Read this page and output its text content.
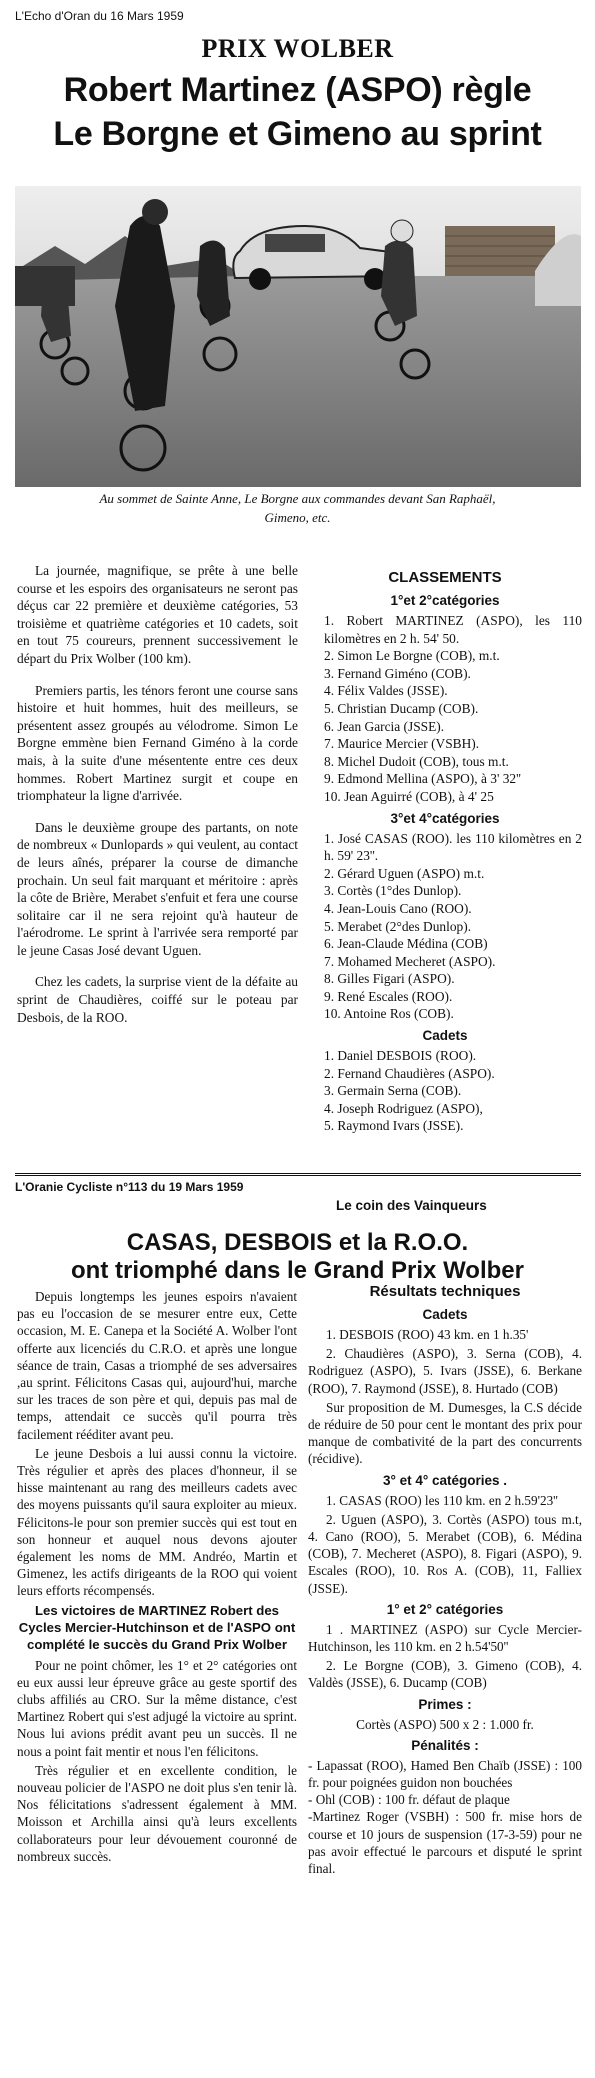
L'Echo d'Oran du 16 Mars 1959
PRIX WOLBER
Robert Martinez (ASPO) règle
Le Borgne et Gimeno au sprint
Au sommet de Sainte Anne, Le Borgne aux commandes devant San Raphaël,
Gimeno, etc.

La journée, magnifique, se prête à une belle course et les espoirs des organisateurs ne seront pas déçus car 22 première et deuxième catégories, 53 troisième et quatrième catégories et 10 cadets, soit en tout 75 coureurs, prennent successivement le départ du Prix Wolber (100 km).

Premiers partis, les ténors feront une course sans histoire et huit hommes, huit des meilleurs, se présentent assez groupés au vélodrome. Simon Le Borgne emmène bien Fernand Giméno à la corde mais, à la suite d'une mésentente entre ces deux hommes. Robert Martinez surgit et coupe en triomphateur la ligne d'arrivée.

Dans le deuxième groupe des partants, on note de nombreux « Dunlopards » qui veulent, au contact de leurs aînés, préparer la course de dimanche prochain. Un seul fait marquant et méritoire : après la côte de Brière, Merabet s'enfuit et fera une course solitaire car il ne sera rejoint qu'à hauteur de l'aérodrome. Le sprint à l'arrivée sera remporté par le jeune Casas José devant Uguen.

Chez les cadets, la surprise vient de la défaite au sprint de Chaudières, coiffé sur le poteau par Desbois, de la ROO.

CLASSEMENTS
1°et 2°catégories
1. Robert MARTINEZ (ASPO), les 110 kilomètres en 2 h. 54' 50.
2. Simon Le Borgne (COB), m.t.
3. Fernand Giméno (COB).
4. Félix Valdes (JSSE).
5. Christian Ducamp (COB).
6. Jean Garcia (JSSE).
7. Maurice Mercier (VSBH).
8. Michel Dudoit (COB), tous m.t.
9. Edmond Mellina (ASPO), à 3' 32''
10. Jean Aguirré (COB), à 4' 25
3°et 4°catégories
1. José CASAS (ROO). les 110 kilomètres en 2 h. 59' 23''.
2. Gérard Uguen (ASPO) m.t.
3. Cortès (1°des Dunlop).
4. Jean-Louis Cano (ROO).
5. Merabet (2°des Dunlop).
6. Jean-Claude Médina (COB)
7. Mohamed Mecheret (ASPO).
8. Gilles Figari (ASPO).
9. René Escales (ROO).
10. Antoine Ros (COB).
Cadets
1. Daniel DESBOIS (ROO).
2. Fernand Chaudières (ASPO).
3. Germain Serna (COB).
4. Joseph Rodriguez (ASPO),
5. Raymond Ivars (JSSE).
L'Oranie Cycliste n°113 du 19 Mars 1959
Le coin des Vainqueurs
CASAS, DESBOIS et la R.O.O.
ont triomphé dans le Grand Prix Wolber

Depuis longtemps les jeunes espoirs n'avaient pas eu l'occasion de se mesurer entre eux, Cette occasion, M. E. Canepa et la Société A. Wolber l'ont offerte aux licenciés du C.R.O. et après une longue séance de train, Casas a triomphé de ses adversaires ,au sprint. Félicitons Casas qui, aujourd'hui, marche sur les traces de son père et qui, depuis pas mal de temps, attendait ce succès qu'il pourra très facilement rééditer avant peu.

Le jeune Desbois a lui aussi connu la victoire. Très régulier et après des places d'honneur, il se hisse maintenant au rang des meilleurs cadets avec des moyens puissants qu'il saura exploiter au mieux. Félicitons-le pour son premier succès qui est tout en son honneur et auquel nous devons ajouter également les noms de MM. Andréo, Martin et Gimenez, les actifs dirigeants de la ROO qui voient leurs efforts récompensés.

Les victoires de MARTINEZ Robert des Cycles Mercier-Hutchinson et de l'ASPO ont complété le succès du Grand Prix Wolber

Pour ne point chômer, les 1° et 2° catégories ont eu eux aussi leur épreuve grâce au geste sportif des clubs affiliés au CRO. Sur la même distance, c'est Martinez Robert qui s'est adjugé la victoire au sprint. Nous lui avions prédit avant peu un succès. Il ne nous a point fait mentir et nous l'en félicitons.

Très régulier et en excellente condition, le nouveau policier de l'ASPO ne doit plus s'en tenir là. Nos félicitations s'adressent également à MM. Moisson et Archilla ainsi qu'à leurs excellents collaborateurs pour leur dévouement couronné de nombreux succès.

Résultats techniques
Cadets
1. DESBOIS (ROO) 43 km. en 1 h.35'
2. Chaudières (ASPO), 3. Serna (COB), 4. Rodriguez (ASPO), 5. Ivars (JSSE), 6. Berkane (ROO), 7. Raymond (JSSE), 8. Hurtado (COB)
Sur proposition de M. Dumesges, la C.S décide de réduire de 50 pour cent le montant des prix pour manque de combativité de la part des concurrents (récidive).
3° et 4° catégories .
1. CASAS (ROO) les 110 km. en 2 h.59'23''
2. Uguen (ASPO), 3. Cortès (ASPO) tous m.t, 4. Cano (ROO), 5. Merabet (COB), 6. Médina (COB), 7. Mecheret (ASPO), 8. Figari (ASPO), 9. Escales (ROO), 10. Ros A. (COB), 11, Falliex (JSSE).
1° et 2° catégories
1 . MARTINEZ (ASPO) sur Cycle Mercier-Hutchinson, les 110 km. en 2 h.54'50''
2. Le Borgne (COB), 3. Gimeno (COB), 4. Valdès (JSSE), 6. Ducamp (COB)
Primes :
Cortès (ASPO) 500 x 2 : 1.000 fr.
Pénalités :
- Lapassat (ROO), Hamed Ben Chaïb (JSSE) : 100 fr. pour poignées guidon non bouchées
- Ohl (COB) : 100 fr. défaut de plaque
-Martinez Roger (VSBH) : 500 fr. mise hors de course et 10 jours de suspension (17-3-59) pour ne pas avoir effectué le parcours et disputé le sprint final.
